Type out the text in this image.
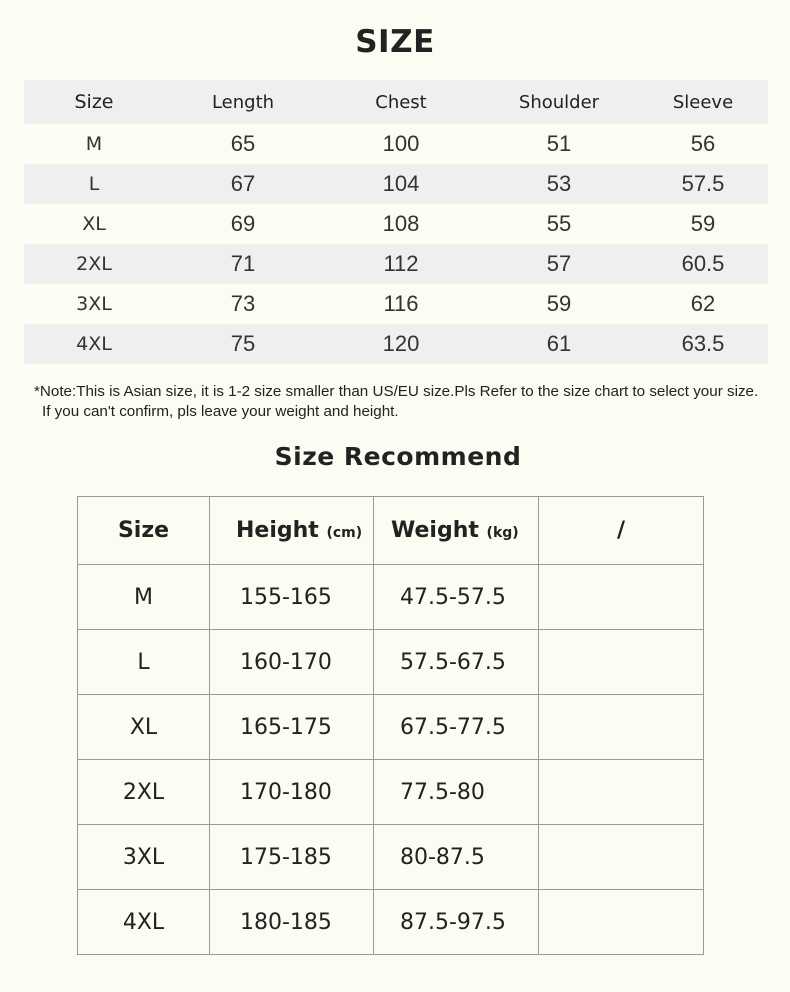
SIZE
Size	Length	Chest	Shoulder	Sleeve
M	65	100	51	56
L	67	104	53	57.5
XL	69	108	55	59
2XL	71	112	57	60.5
3XL	73	116	59	62
4XL	75	120	61	63.5
*Note:This is Asian size, it is 1-2 size smaller than US/EU size.Pls Refer to the size chart to select your size.
If you can't confirm, pls leave your weight and height.
Size Recommend
Size	Height (cm)	Weight (kg)	/
M	155-165	47.5-57.5	
L	160-170	57.5-67.5	
XL	165-175	67.5-77.5	
2XL	170-180	77.5-80	
3XL	175-185	80-87.5	
4XL	180-185	87.5-97.5	
